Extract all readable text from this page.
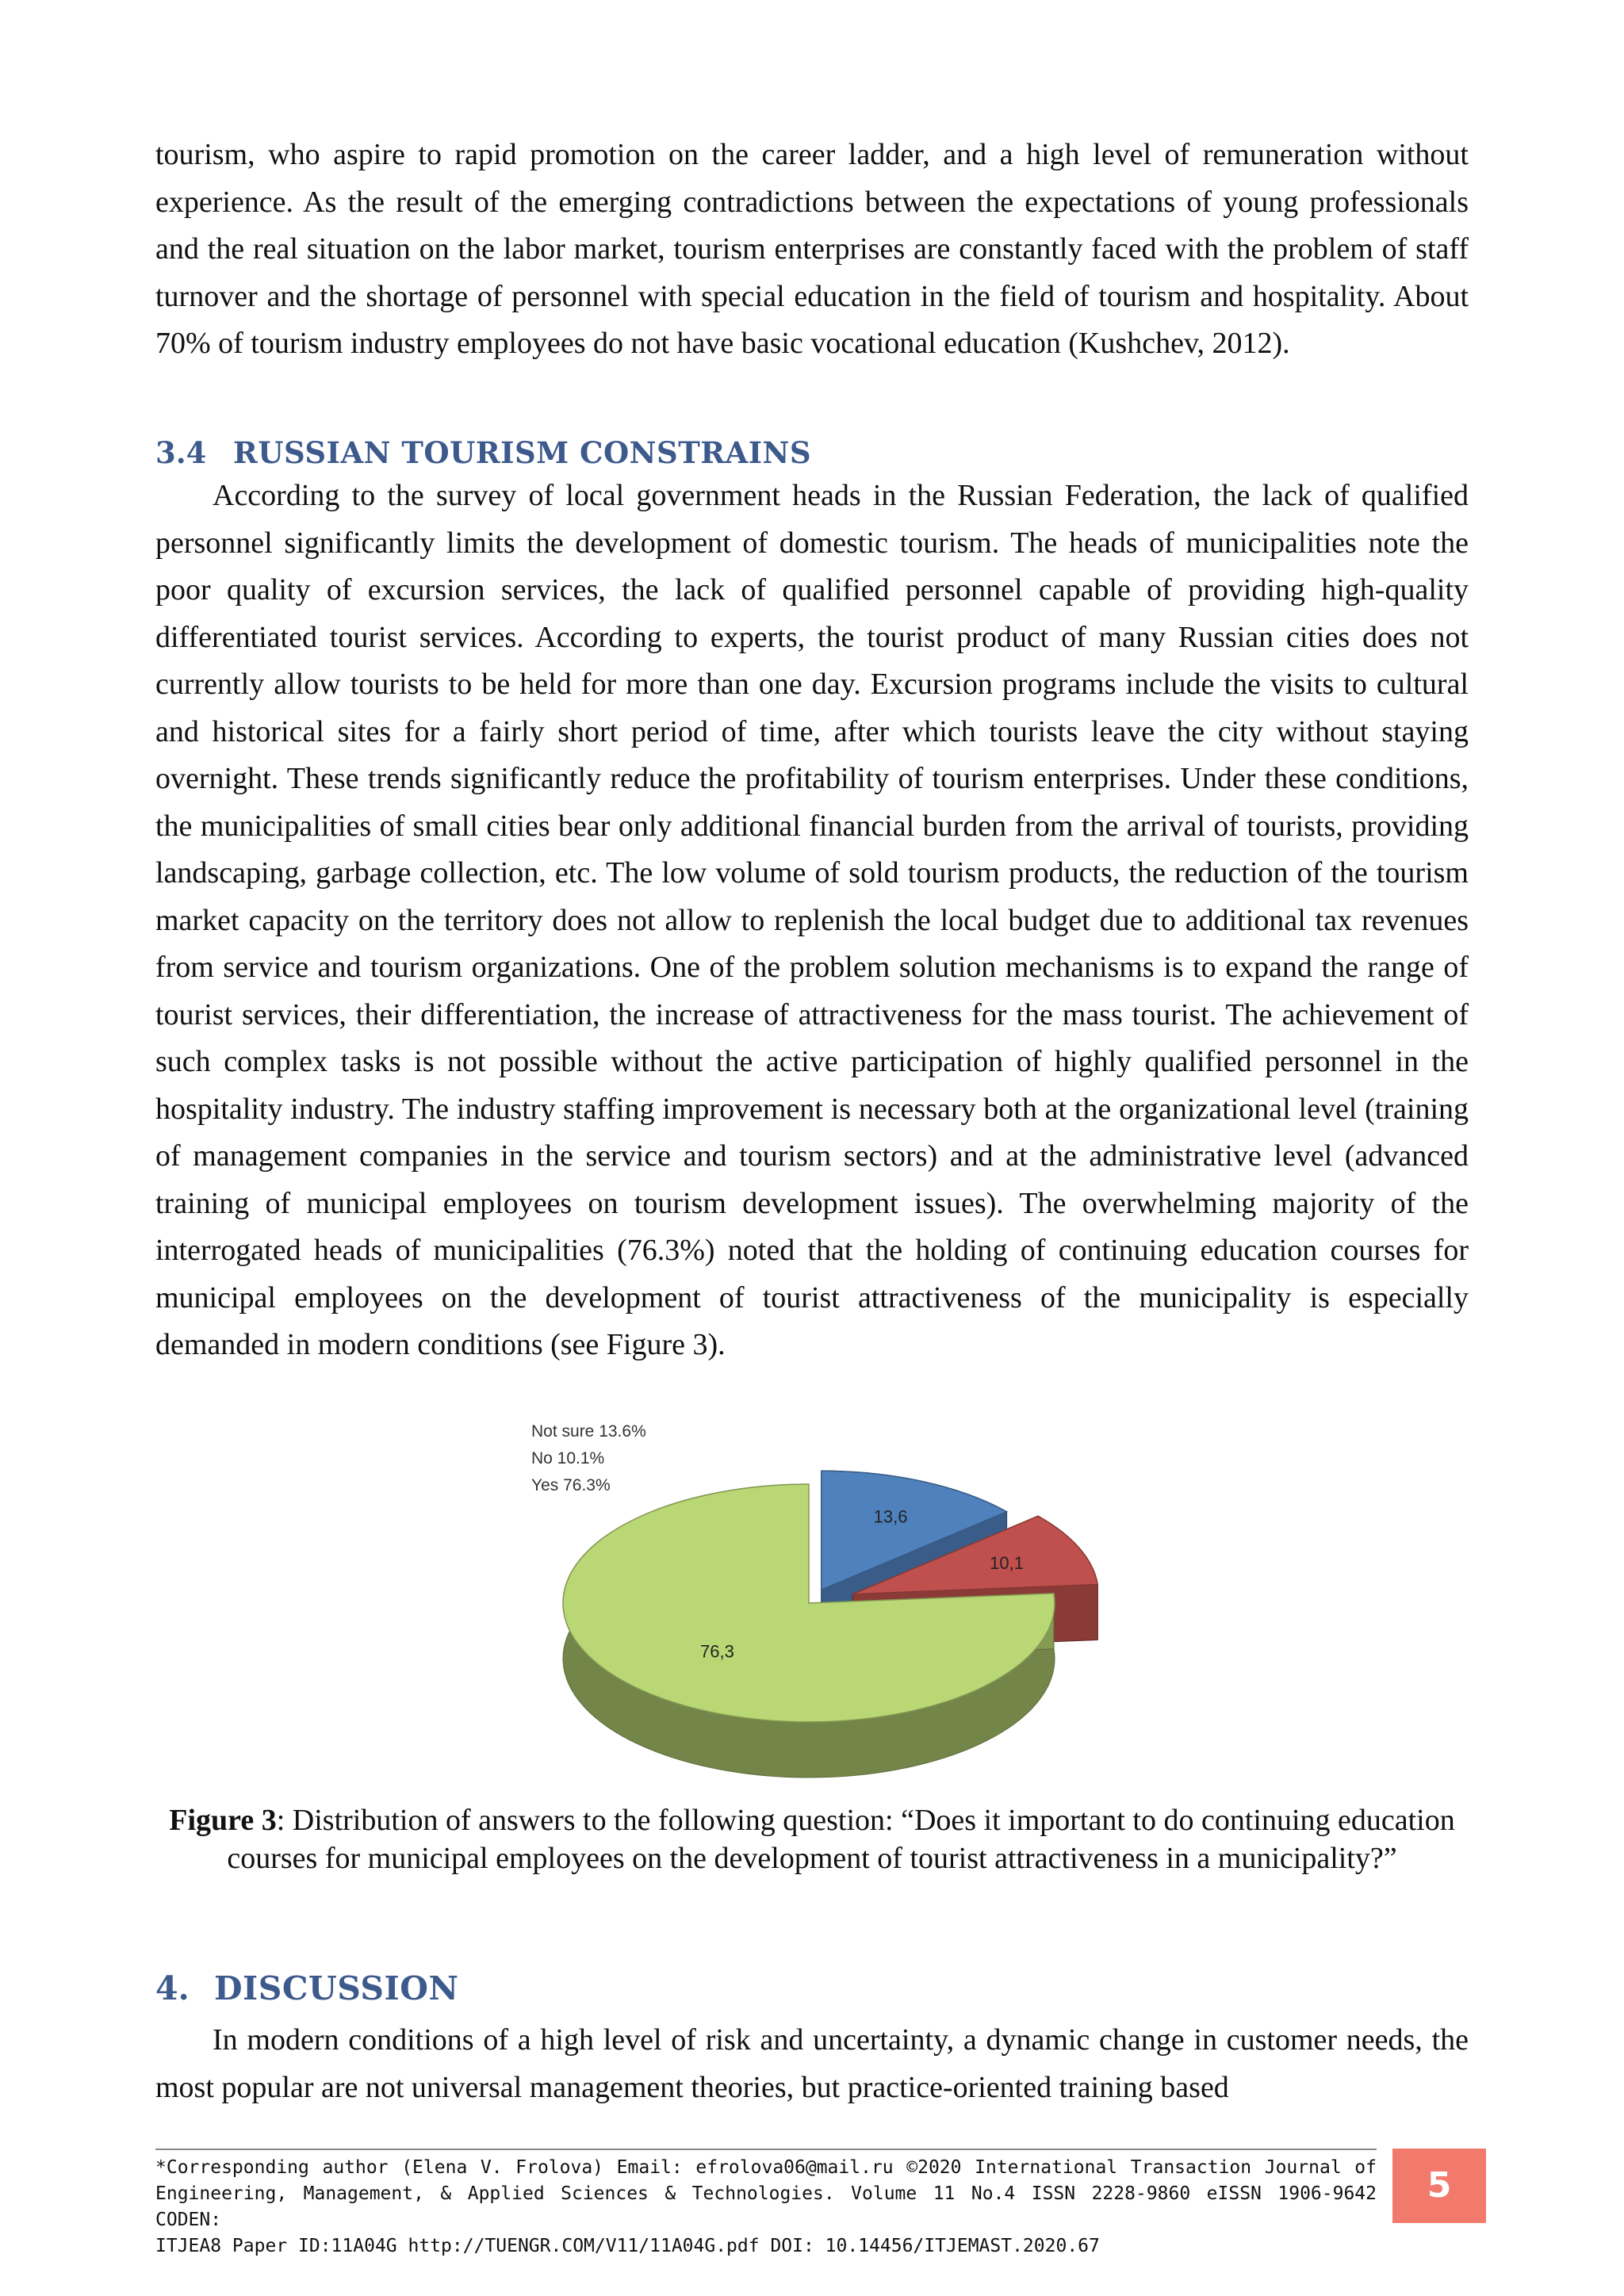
tourism, who aspire to rapid promotion on the career ladder, and a high level of remuneration without experience. As the result of the emerging contradictions between the expectations of young professionals and the real situation on the labor market, tourism enterprises are constantly faced with the problem of staff turnover and the shortage of personnel with special education in the field of tourism and hospitality. About 70% of tourism industry employees do not have basic vocational education (Kushchev, 2012).

3.4 RUSSIAN TOURISM CONSTRAINS

According to the survey of local government heads in the Russian Federation, the lack of qualified personnel significantly limits the development of domestic tourism. The heads of municipalities note the poor quality of excursion services, the lack of qualified personnel capable of providing high-quality differentiated tourist services. According to experts, the tourist product of many Russian cities does not currently allow tourists to be held for more than one day. Excursion programs include the visits to cultural and historical sites for a fairly short period of time, after which tourists leave the city without staying overnight. These trends significantly reduce the profitability of tourism enterprises. Under these conditions, the municipalities of small cities bear only additional financial burden from the arrival of tourists, providing landscaping, garbage collection, etc. The low volume of sold tourism products, the reduction of the tourism market capacity on the territory does not allow to replenish the local budget due to additional tax revenues from service and tourism organizations. One of the problem solution mechanisms is to expand the range of tourist services, their differentiation, the increase of attractiveness for the mass tourist. The achievement of such complex tasks is not possible without the active participation of highly qualified personnel in the hospitality industry. The industry staffing improvement is necessary both at the organizational level (training of management companies in the service and tourism sectors) and at the administrative level (advanced training of municipal employees on tourism development issues). The overwhelming majority of the interrogated heads of municipalities (76.3%) noted that the holding of continuing education courses for municipal employees on the development of tourist attractiveness of the municipality is especially demanded in modern conditions (see Figure 3).

Not sure 13.6%
No 10.1%
Yes 76.3%
13,6
10,1
76,3
Figure 3: Distribution of answers to the following question: “Does it important to do continuing education courses for municipal employees on the development of tourist attractiveness in a municipality?”
4. DISCUSSION

In modern conditions of a high level of risk and uncertainty, a dynamic change in customer needs, the most popular are not universal management theories, but practice-oriented training based

*Corresponding author (Elena V. Frolova) Email: efrolova06@mail.ru ©2020 International Transaction Journal of
Engineering, Management, & Applied Sciences & Technologies. Volume 11 No.4 ISSN 2228-9860 eISSN 1906-9642 CODEN:
ITJEA8 Paper ID:11A04G http://TUENGR.COM/V11/11A04G.pdf DOI: 10.14456/ITJEMAST.2020.67
5
